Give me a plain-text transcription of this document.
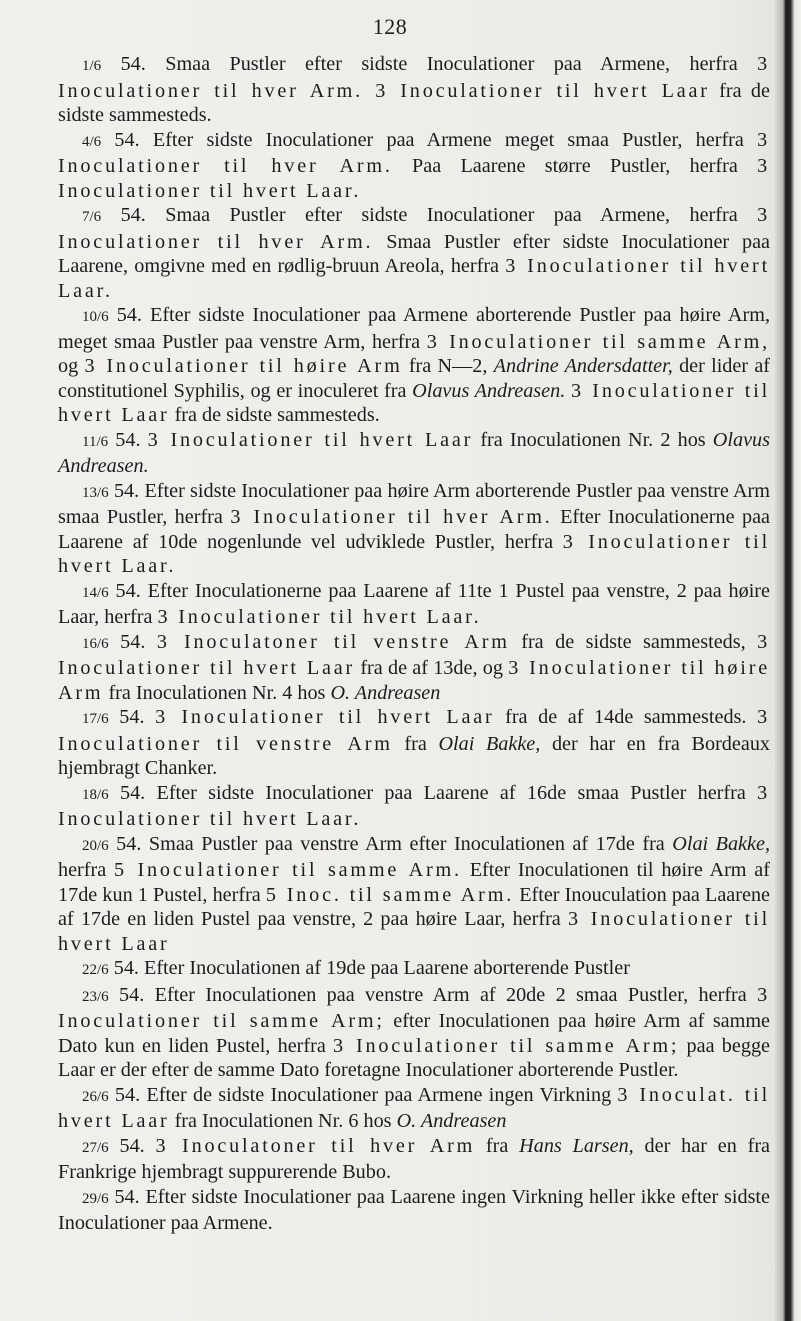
128

1/6 54. Smaa Pustler efter sidste Inoculationer paa Armene, herfra 3 Inoculationer til hver Arm. 3 Inoculationer til hvert Laar fra de sidste sammesteds.

4/6 54. Efter sidste Inoculationer paa Armene meget smaa Pustler, herfra 3 Inoculationer til hver Arm. Paa Laarene større Pustler, herfra 3 Inoculationer til hvert Laar.

7/6 54. Smaa Pustler efter sidste Inoculationer paa Armene, herfra 3 Inoculationer til hver Arm. Smaa Pustler efter sidste Inoculationer paa Laarene, omgivne med en rødlig-bruun Areola, herfra 3 Inoculationer til hvert Laar.

10/6 54. Efter sidste Inoculationer paa Armene aborterende Pustler paa høire Arm, meget smaa Pustler paa venstre Arm, herfra 3 Inoculationer til samme Arm, og 3 Inoculationer til høire Arm fra N—2, Andrine Andersdatter, der lider af constitutionel Syphilis, og er inoculeret fra Olavus Andreasen. 3 Inoculationer til hvert Laar fra de sidste sammesteds.

11/6 54. 3 Inoculationer til hvert Laar fra Inoculationen Nr. 2 hos Olavus Andreasen.

13/6 54. Efter sidste Inoculationer paa høire Arm aborterende Pustler paa venstre Arm smaa Pustler, herfra 3 Inoculationer til hver Arm. Efter Inoculationerne paa Laarene af 10de nogenlunde vel udviklede Pustler, herfra 3 Inoculationer til hvert Laar.

14/6 54. Efter Inoculationerne paa Laarene af 11te 1 Pustel paa venstre, 2 paa høire Laar, herfra 3 Inoculationer til hvert Laar.

16/6 54. 3 Inoculatoner til venstre Arm fra de sidste sammesteds, 3 Inoculationer til hvert Laar fra de af 13de, og 3 Inoculationer til høire Arm fra Inoculationen Nr. 4 hos O. Andreasen

17/6 54. 3 Inoculationer til hvert Laar fra de af 14de sammesteds. 3 Inoculationer til venstre Arm fra Olai Bakke, der har en fra Bordeaux hjembragt Chanker.

18/6 54. Efter sidste Inoculationer paa Laarene af 16de smaa Pustler herfra 3 Inoculationer til hvert Laar.

20/6 54. Smaa Pustler paa venstre Arm efter Inoculationen af 17de fra Olai Bakke, herfra 5 Inoculationer til samme Arm. Efter Inoculationen til høire Arm af 17de kun 1 Pustel, herfra 5 Inoc. til samme Arm. Efter Inouculation paa Laarene af 17de en liden Pustel paa venstre, 2 paa høire Laar, herfra 3 Inoculationer til hvert Laar

22/6 54. Efter Inoculationen af 19de paa Laarene aborterende Pustler

23/6 54. Efter Inoculationen paa venstre Arm af 20de 2 smaa Pustler, herfra 3 Inoculationer til samme Arm; efter Inoculationen paa høire Arm af samme Dato kun en liden Pustel, herfra 3 Inoculationer til samme Arm; paa begge Laar er der efter de samme Dato foretagne Inoculationer aborterende Pustler.

26/6 54. Efter de sidste Inoculationer paa Armene ingen Virkning 3 Inoculat. til hvert Laar fra Inoculationen Nr. 6 hos O. Andreasen

27/6 54. 3 Inoculatoner til hver Arm fra Hans Larsen, der har en fra Frankrige hjembragt suppurerende Bubo.

29/6 54. Efter sidste Inoculationer paa Laarene ingen Virkning heller ikke efter sidste Inoculationer paa Armene.
